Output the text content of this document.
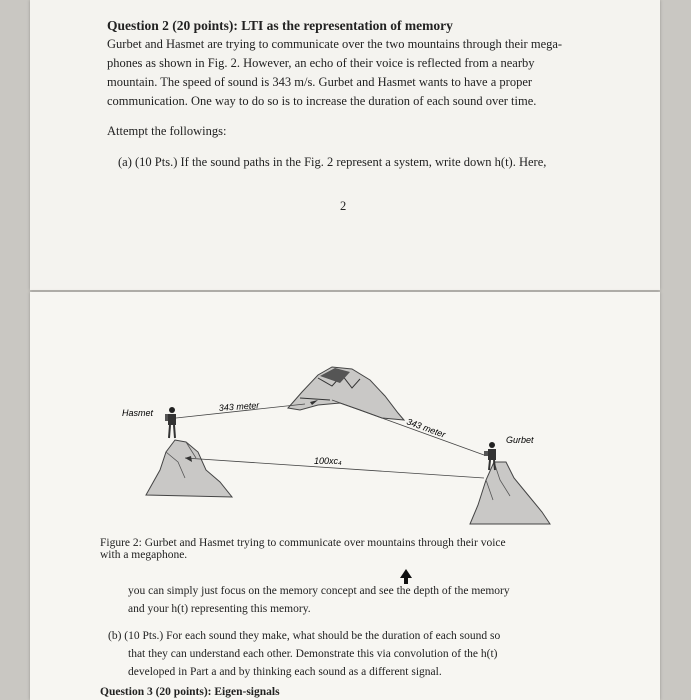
Question 2 (20 points): LTI as the representation of memory
Gurbet and Hasmet are trying to communicate over the two mountains through their mega-
phones as shown in Fig. 2. However, an echo of their voice is reflected from a nearby
mountain. The speed of sound is 343 m/s. Gurbet and Hasmet wants to have a proper
communication. One way to do so is to increase the duration of each sound over time.
Attempt the followings:
(a) (10 Pts.) If the sound paths in the Fig. 2 represent a system, write down h(t). Here,
2
Hasmet
Gurbet
343 meter
343 meter
100xc₄
Figure 2: Gurbet and Hasmet trying to communicate over mountains through their voice
with a megaphone.
you can simply just focus on the memory concept and see the depth of the memory
and your h(t) representing this memory.
(b) (10 Pts.) For each sound they make, what should be the duration of each sound so
that they can understand each other. Demonstrate this via convolution of the h(t)
developed in Part a and by thinking each sound as a different signal.
Question 3 (20 points): Eigen-signals
